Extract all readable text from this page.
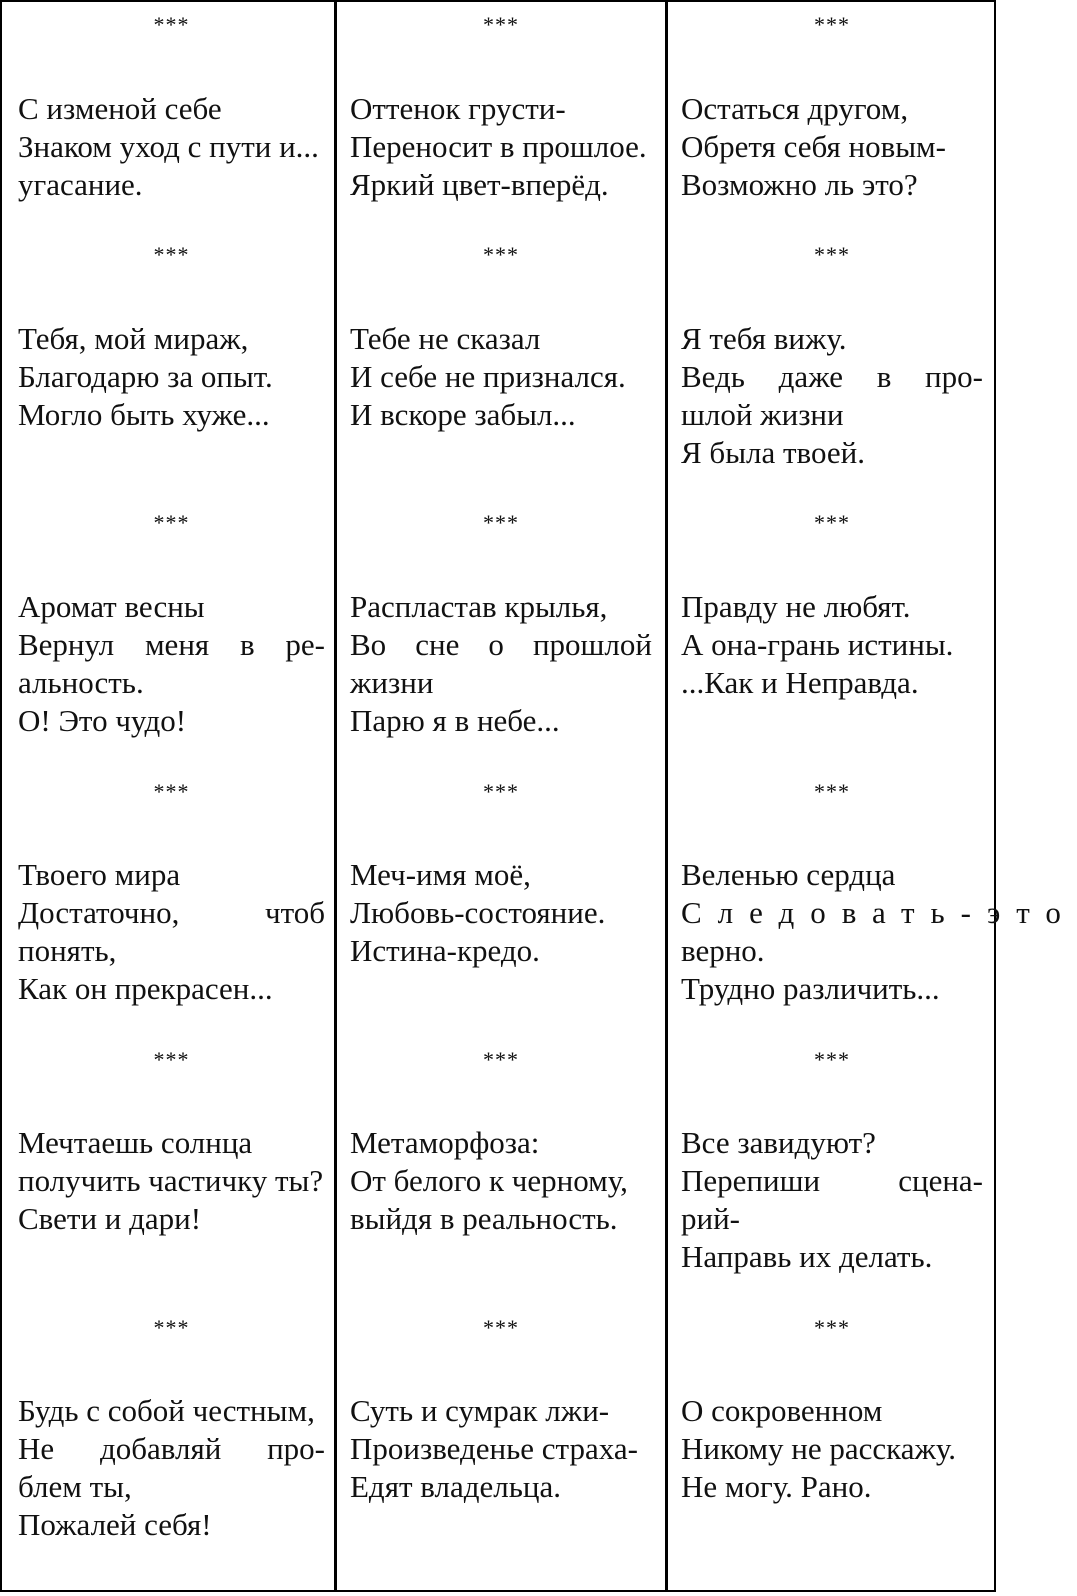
***
С изменой себе
Знаком уход с пути и...
угасание.
***
Тебя, мой мираж,
Благодарю за опыт.
Могло быть хуже...
***
Аромат весны
Вернул меня в ре-
альность.
О! Это чудо!
***
Твоего мира
Достаточно,	чтоб
понять,
Как он прекрасен...
***
Мечтаешь солнца
получить частичку ты?
Свети и дари!
***
Будь с собой честным,
Не добавляй про-
блем ты,
Пожалей себя!
***
Оттенок грусти-
Переносит в прошлое.
Яркий цвет-вперёд.
***
Тебе не сказал
И себе не признался.
И вскоре забыл...
***
Распластав крылья,
Во сне о прошлой
жизни
Парю я в небе...
***
Меч-имя моё,
Любовь-состояние.
Истина-кредо.
***
Метаморфоза:
От белого к черному,
выйдя в реальность.
***
Суть и сумрак лжи-
Произведенье страха-
Едят владельца.
***
Остаться другом,
Обретя себя новым-
Возможно ль это?
***
Я тебя вижу.
Ведь даже в про-
шлой жизни
Я была твоей.
***
Правду не любят.
А она-грань истины.
...Как и Неправда.
***
Веленью сердца
Следовать-это
верно.
Трудно различить...
***
Все завидуют?
Перепиши	сцена-
рий-
Направь их делать.
***
О сокровенном
Никому не расскажу.
Не могу. Рано.
